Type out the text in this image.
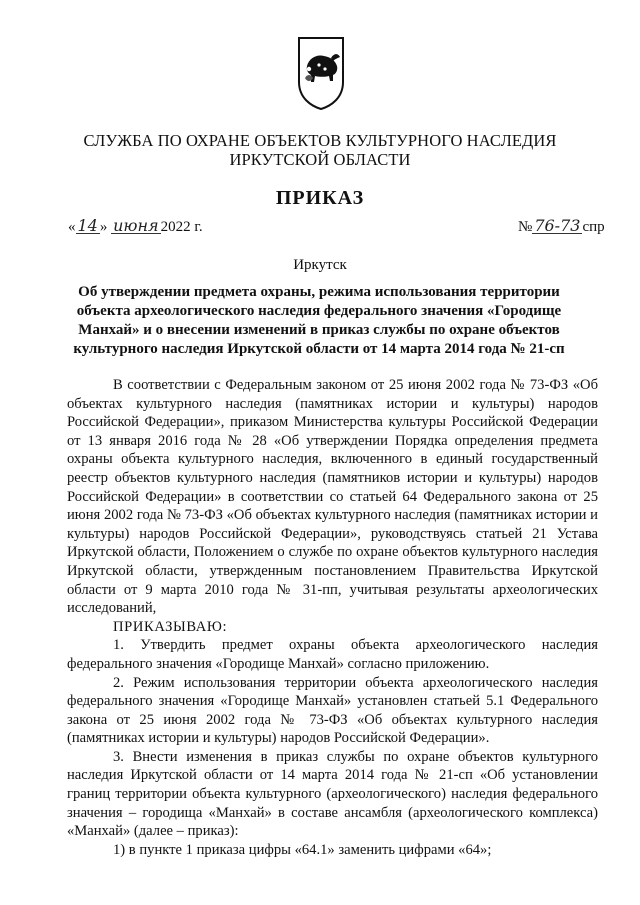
СЛУЖБА ПО ОХРАНЕ ОБЪЕКТОВ КУЛЬТУРНОГО НАСЛЕДИЯ
ИРКУТСКОЙ ОБЛАСТИ
ПРИКАЗ
« 14 » июня 2022 г.	№ 76-73 спр
Иркутск
Об утверждении предмета охраны, режима использования территории объекта археологического наследия федерального значения «Городище Манхай» и о внесении изменений в приказ службы по охране объектов культурного наследия Иркутской области от 14 марта 2014 года № 21-сп

В соответствии с Федеральным законом от 25 июня 2002 года № 73-ФЗ «Об объектах культурного наследия (памятниках истории и культуры) народов Российской Федерации», приказом Министерства культуры Российской Федерации от 13 января 2016 года № 28 «Об утверждении Порядка определения предмета охраны объекта культурного наследия, включенного в единый государственный реестр объектов культурного наследия (памятников истории и культуры) народов Российской Федерации» в соответствии со статьей 64 Федерального закона от 25 июня 2002 года № 73-ФЗ «Об объектах культурного наследия (памятниках истории и культуры) народов Российской Федерации», руководствуясь статьей 21 Устава Иркутской области, Положением о службе по охране объектов культурного наследия Иркутской области, утвержденным постановлением Правительства Иркутской области от 9 марта 2010 года № 31-пп, учитывая результаты археологических исследований,

ПРИКАЗЫВАЮ:

1. Утвердить предмет охраны объекта археологического наследия федерального значения «Городище Манхай» согласно приложению.

2. Режим использования территории объекта археологического наследия федерального значения «Городище Манхай» установлен статьей 5.1 Федерального закона от 25 июня 2002 года № 73-ФЗ «Об объектах культурного наследия (памятниках истории и культуры) народов Российской Федерации».

3. Внести изменения в приказ службы по охране объектов культурного наследия Иркутской области от 14 марта 2014 года № 21-сп «Об установлении границ территории объекта культурного (археологического) наследия федерального значения – городища «Манхай» в составе ансамбля (археологического комплекса) «Манхай» (далее – приказ):

1) в пункте 1 приказа цифры «64.1» заменить цифрами «64»;
